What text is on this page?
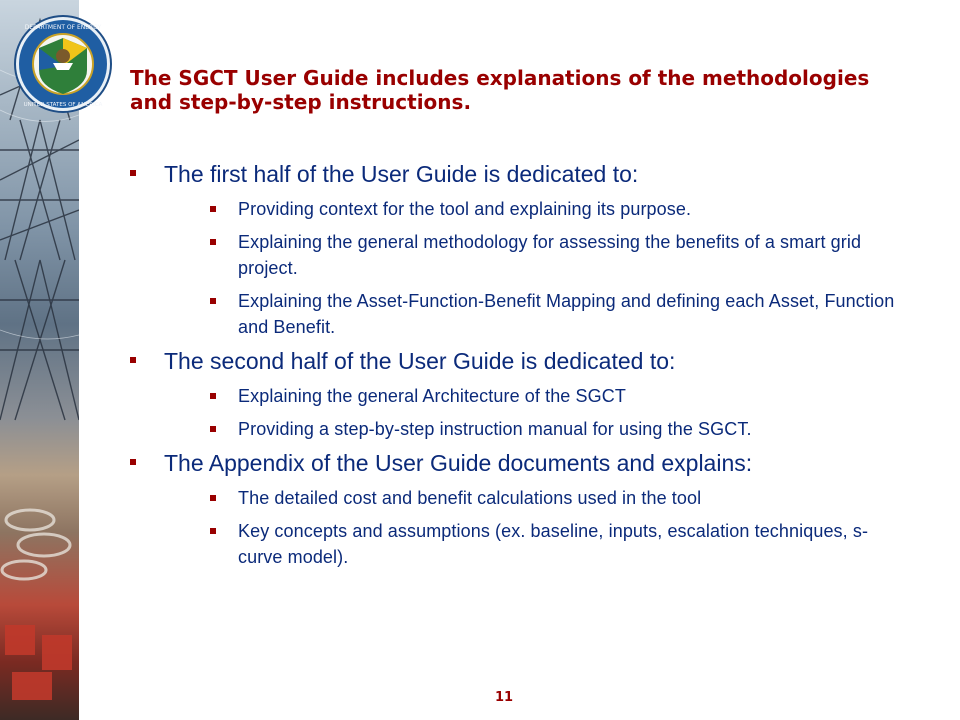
DEPARTMENT OF ENERGY
UNITED STATES OF AMERICA
The SGCT User Guide includes explanations of the methodologies and step-by-step instructions.
The first half of the User Guide is dedicated to:
Providing context for the tool and explaining its purpose.
Explaining the general methodology for assessing the benefits of a smart grid project.
Explaining the Asset-Function-Benefit Mapping and defining each Asset, Function and Benefit.
The second half of the User Guide is dedicated to:
Explaining the general Architecture of the SGCT
Providing a step-by-step instruction manual for using the SGCT.
The Appendix of the User Guide documents and explains:
The detailed cost and benefit calculations used in the tool
Key concepts and assumptions (ex. baseline, inputs, escalation techniques, s-curve model).
11
